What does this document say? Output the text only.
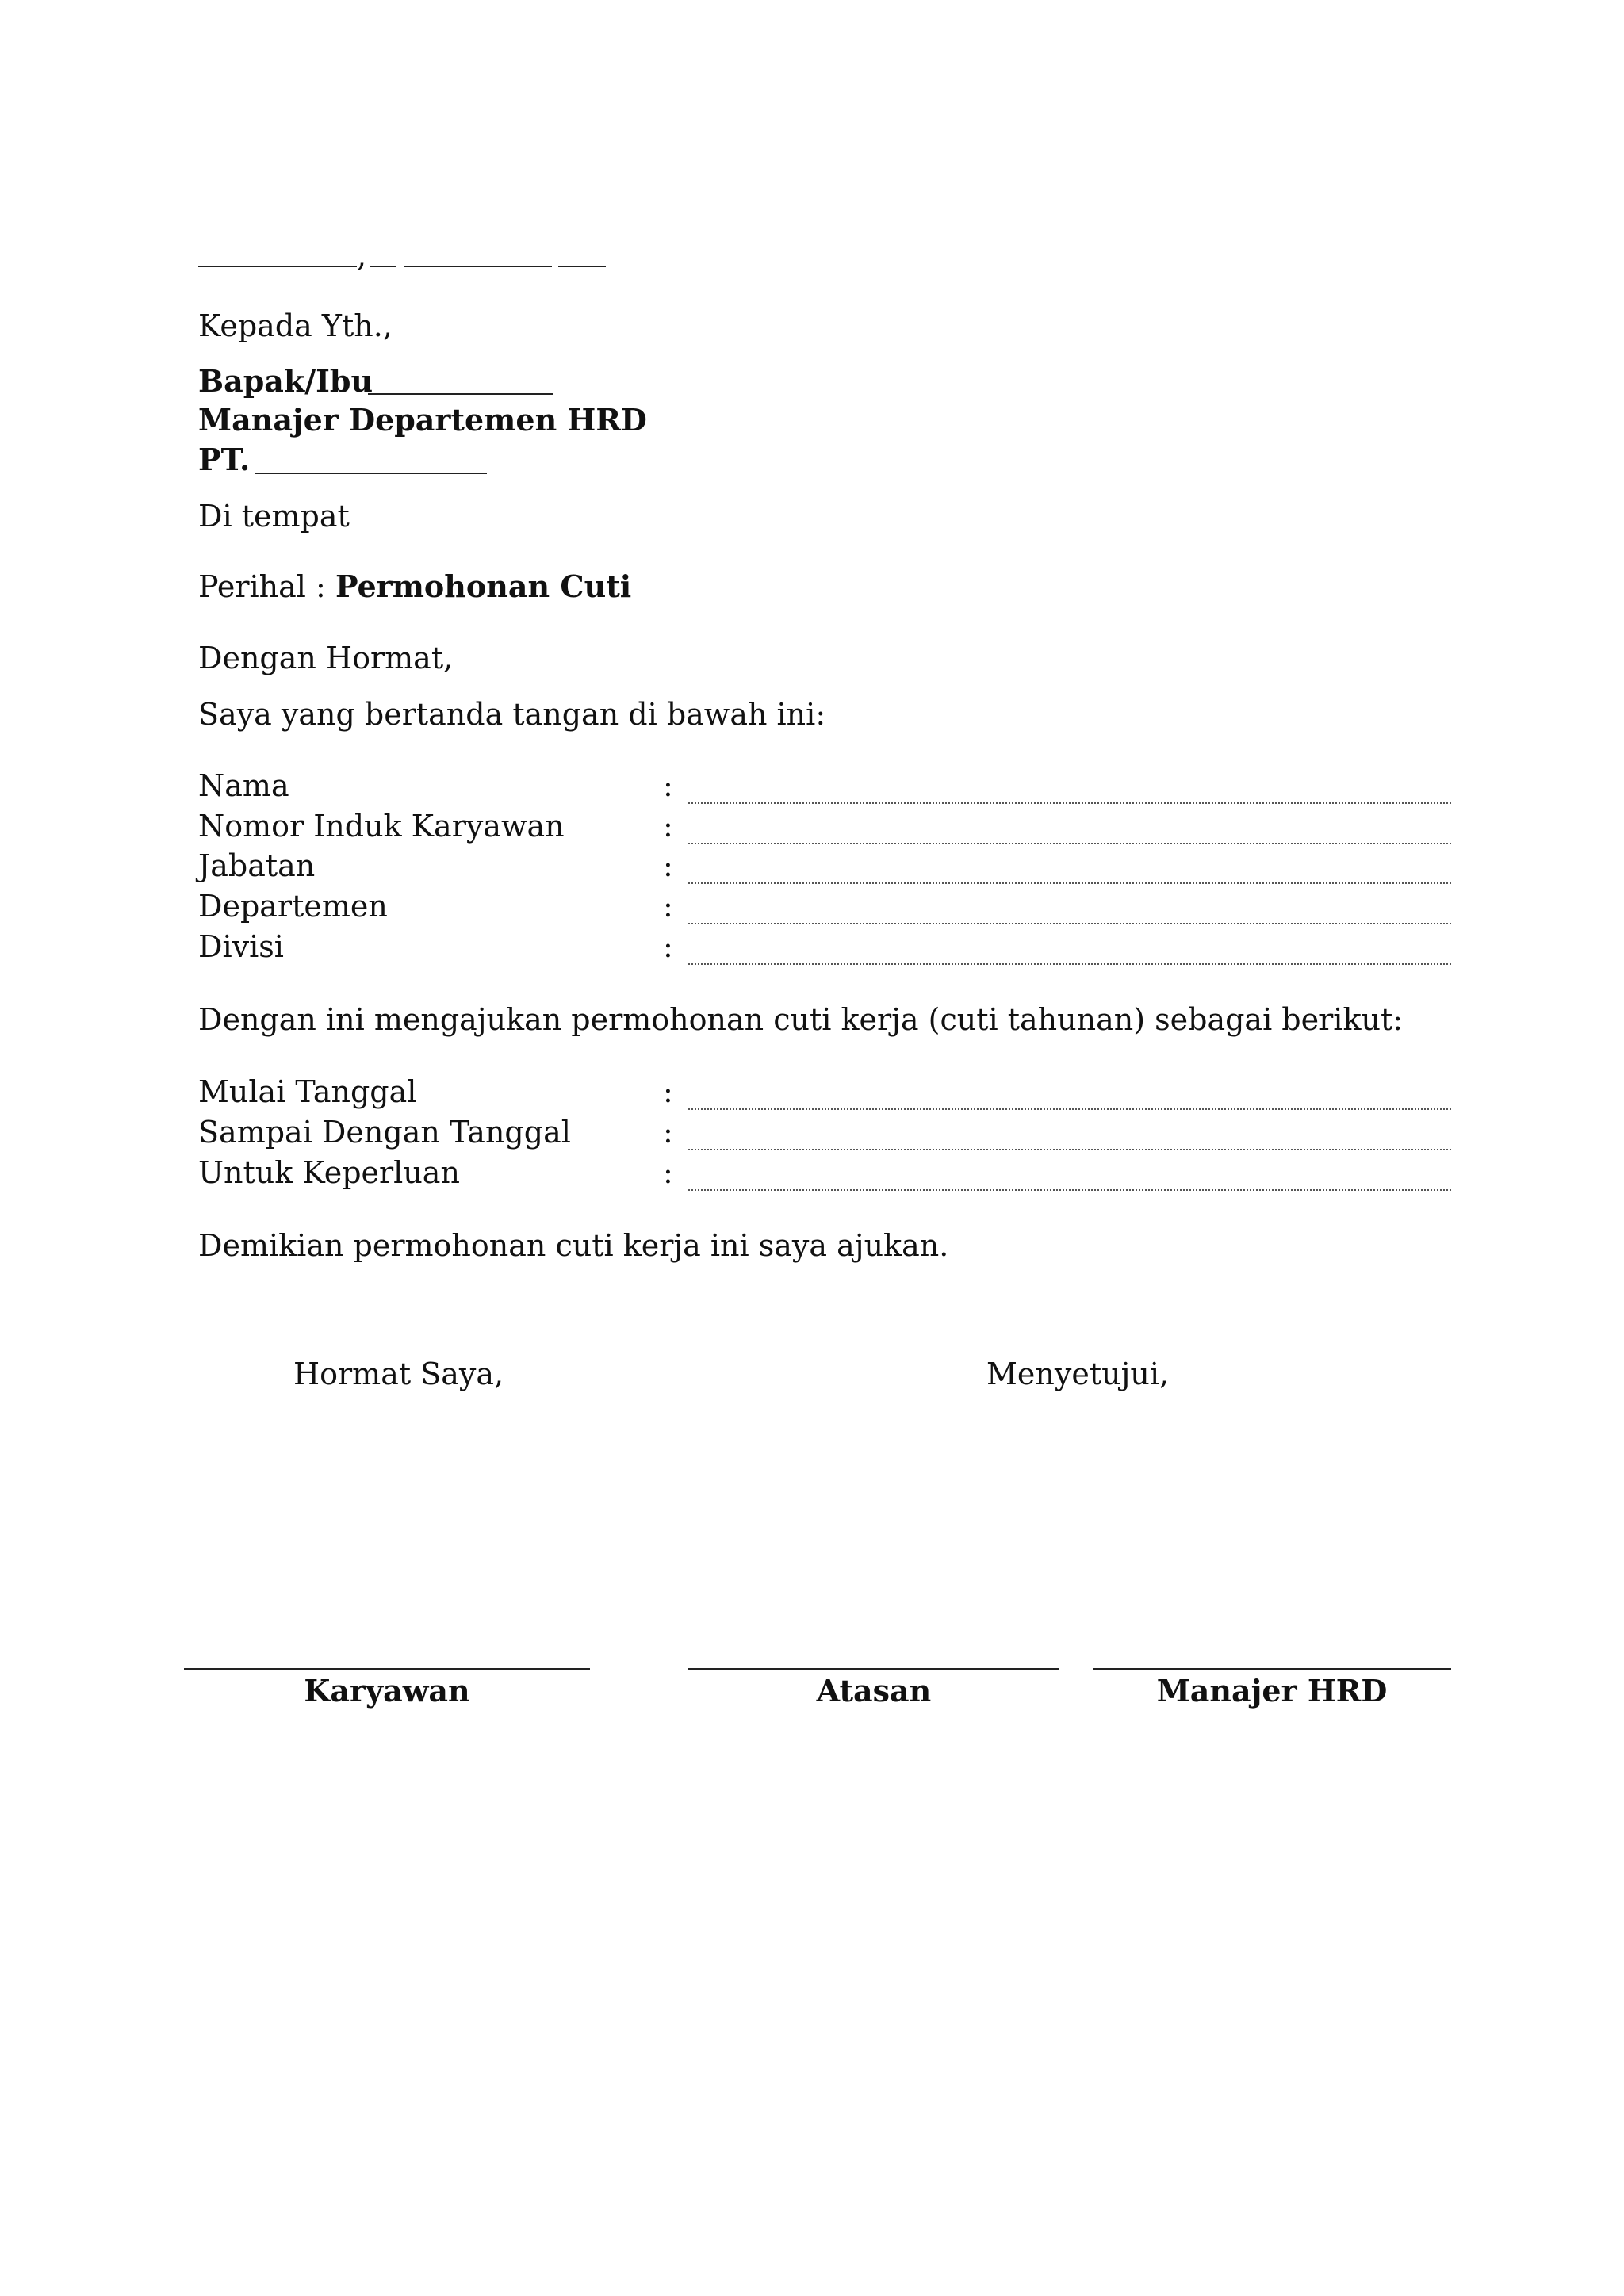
,
Kepada Yth.,
Bapak/Ibu
Manajer Departemen HRD
PT.
Di tempat
Perihal : Permohonan Cuti
Dengan Hormat,
Saya yang bertanda tangan di bawah ini:
Nama	:
Nomor Induk Karyawan	:
Jabatan	:
Departemen	:
Divisi	:
Dengan ini mengajukan permohonan cuti kerja (cuti tahunan) sebagai berikut:
Mulai Tanggal	:
Sampai Dengan Tanggal	:
Untuk Keperluan	:
Demikian permohonan cuti kerja ini saya ajukan.
Hormat Saya,	Menyetujui,
Karyawan	Atasan	Manajer HRD
